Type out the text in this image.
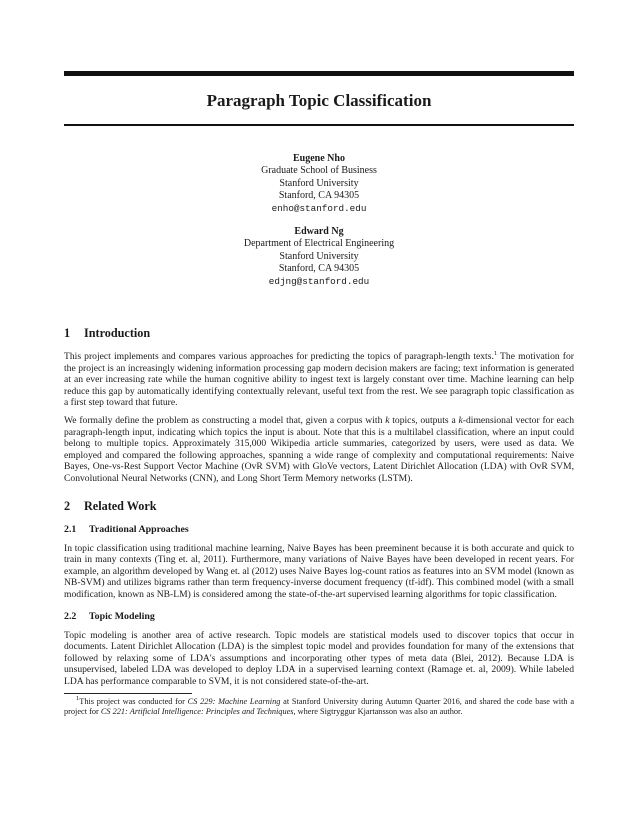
Paragraph Topic Classification
Eugene Nho
Graduate School of Business
Stanford University
Stanford, CA 94305
enho@stanford.edu
Edward Ng
Department of Electrical Engineering
Stanford University
Stanford, CA 94305
edjng@stanford.edu
1 Introduction

This project implements and compares various approaches for predicting the topics of paragraph-length texts.$^1$ The motivation for the project is an increasingly widening information processing gap modern decision makers are facing; text information is generated at an ever increasing rate while the human cognitive ability to ingest text is largely constant over time. Machine learning can help reduce this gap by automatically identifying contextually relevant, useful text from the rest. We see paragraph topic classification as a first step toward that future.

We formally define the problem as constructing a model that, given a corpus with k topics, outputs a k-dimensional vector for each paragraph-length input, indicating which topics the input is about. Note that this is a multilabel classification, where an input could belong to multiple topics. Approximately 315,000 Wikipedia article summaries, categorized by users, were used as data. We employed and compared the following approaches, spanning a wide range of complexity and computational requirements: Naive Bayes, One-vs-Rest Support Vector Machine (OvR SVM) with GloVe vectors, Latent Dirichlet Allocation (LDA) with OvR SVM, Convolutional Neural Networks (CNN), and Long Short Term Memory networks (LSTM).

2 Related Work
2.1 Traditional Approaches

In topic classification using traditional machine learning, Naive Bayes has been preeminent because it is both accurate and quick to train in many contexts (Ting et. al, 2011). Furthermore, many variations of Naive Bayes have been developed in recent years. For example, an algorithm developed by Wang et. al (2012) uses Naive Bayes log-count ratios as features into an SVM model (known as NB-SVM) and utilizes bigrams rather than term frequency-inverse document frequency (tf-idf). This combined model (with a small modification, known as NB-LM) is considered among the state-of-the-art supervised learning algorithms for topic classification.

2.2 Topic Modeling

Topic modeling is another area of active research. Topic models are statistical models used to discover topics that occur in documents. Latent Dirichlet Allocation (LDA) is the simplest topic model and provides foundation for many of the extensions that followed by relaxing some of LDA's assumptions and incorporating other types of meta data (Blei, 2012). Because LDA is unsupervised, labeled LDA was developed to deploy LDA in a supervised learning context (Ramage et. al, 2009). While labeled LDA has performance comparable to SVM, it is not considered state-of-the-art.

$^1$This project was conducted for CS 229: Machine Learning at Stanford University during Autumn Quarter 2016, and shared the code base with a project for CS 221: Artificial Intelligence: Principles and Techniques, where Sigtryggur Kjartansson was also an author.
